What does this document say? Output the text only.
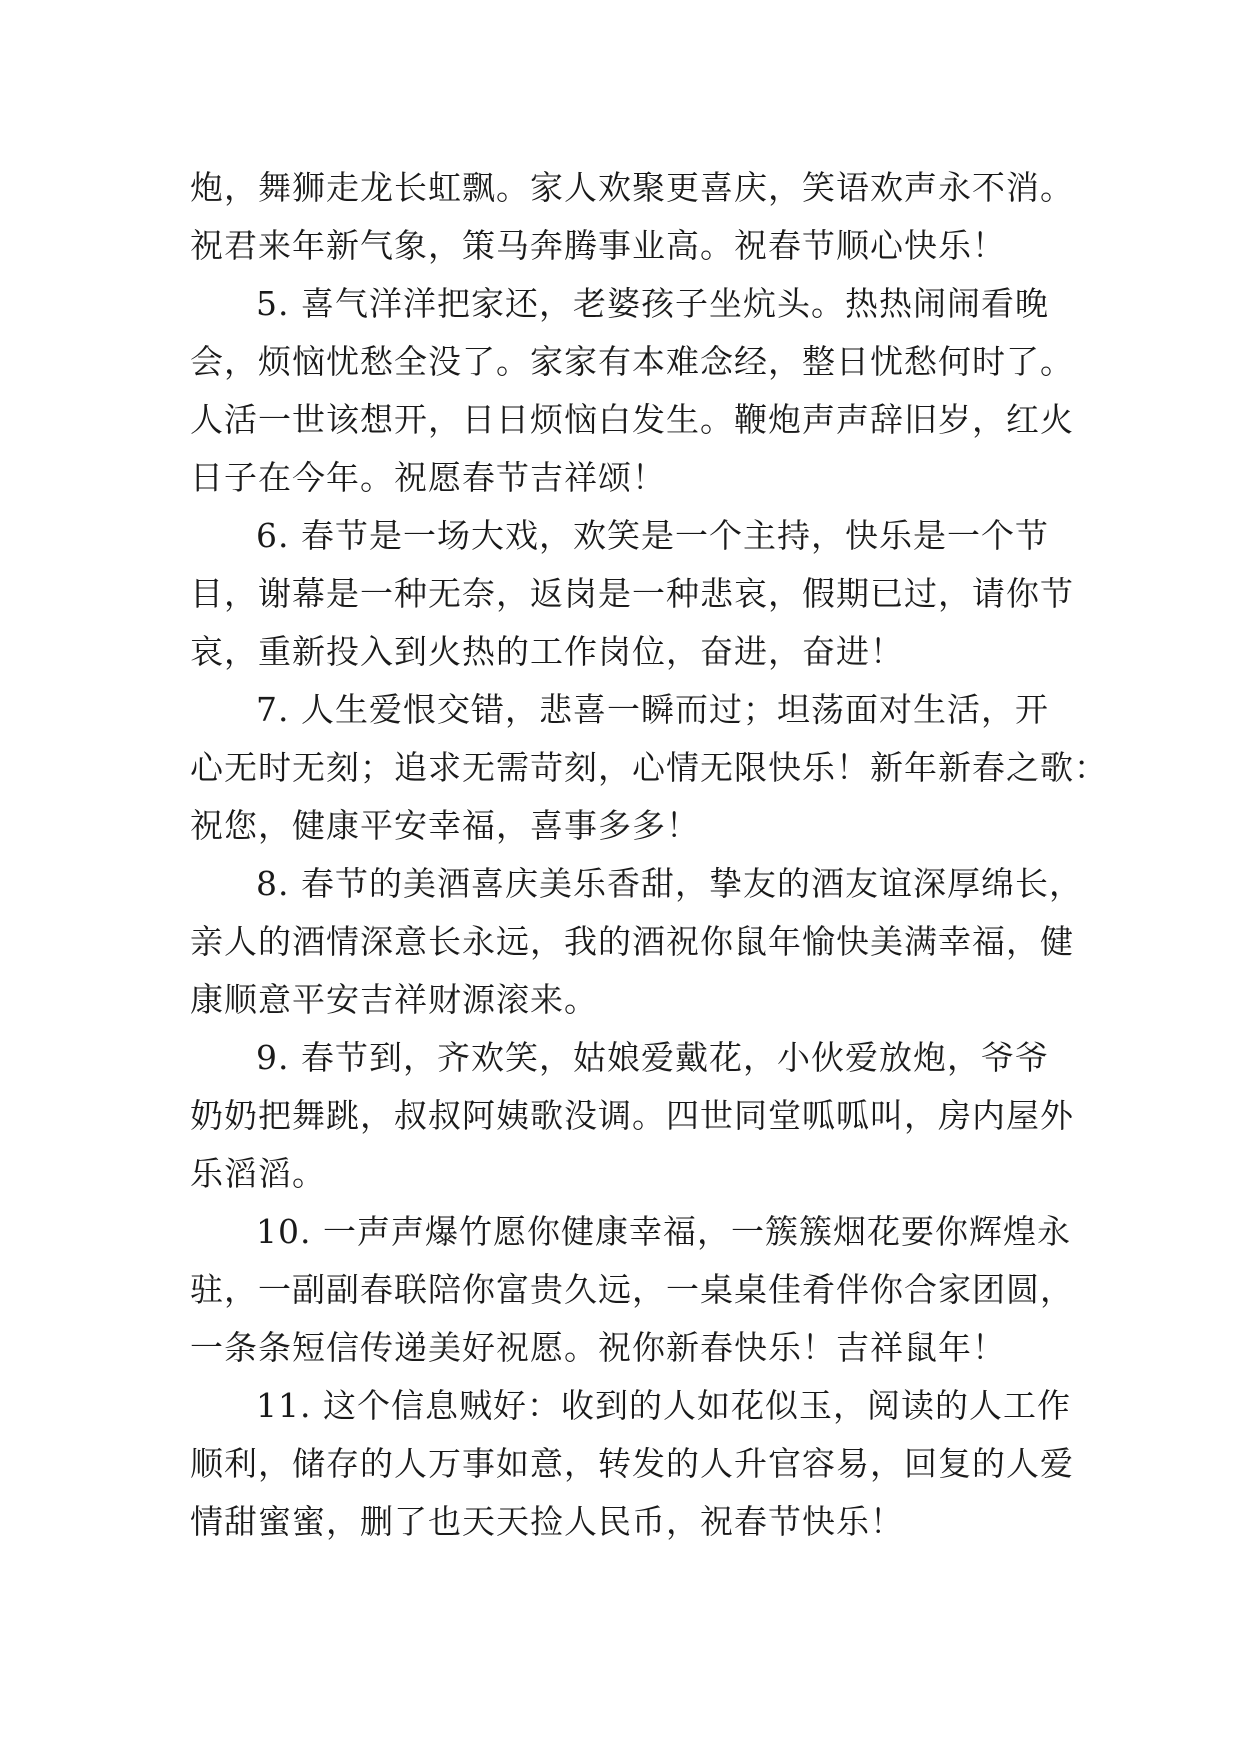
炮，舞狮走龙长虹飘。家人欢聚更喜庆，笑语欢声永不消。
祝君来年新气象，策马奔腾事业高。祝春节顺心快乐！
5. 喜气洋洋把家还，老婆孩子坐炕头。热热闹闹看晚
会，烦恼忧愁全没了。家家有本难念经，整日忧愁何时了。
人活一世该想开，日日烦恼白发生。鞭炮声声辞旧岁，红火
日子在今年。祝愿春节吉祥颂！
6. 春节是一场大戏，欢笑是一个主持，快乐是一个节
目，谢幕是一种无奈，返岗是一种悲哀，假期已过，请你节
哀，重新投入到火热的工作岗位，奋进，奋进！
7. 人生爱恨交错，悲喜一瞬而过；坦荡面对生活，开
心无时无刻；追求无需苛刻，心情无限快乐！新年新春之歌：
祝您，健康平安幸福，喜事多多！
8. 春节的美酒喜庆美乐香甜，挚友的酒友谊深厚绵长，
亲人的酒情深意长永远，我的酒祝你鼠年愉快美满幸福，健
康顺意平安吉祥财源滚来。
9. 春节到，齐欢笑，姑娘爱戴花，小伙爱放炮，爷爷
奶奶把舞跳，叔叔阿姨歌没调。四世同堂呱呱叫，房内屋外
乐滔滔。
10. 一声声爆竹愿你健康幸福，一簇簇烟花要你辉煌永
驻，一副副春联陪你富贵久远，一桌桌佳肴伴你合家团圆，
一条条短信传递美好祝愿。祝你新春快乐！吉祥鼠年！
11. 这个信息贼好：收到的人如花似玉，阅读的人工作
顺利，储存的人万事如意，转发的人升官容易，回复的人爱
情甜蜜蜜，删了也天天捡人民币，祝春节快乐！
